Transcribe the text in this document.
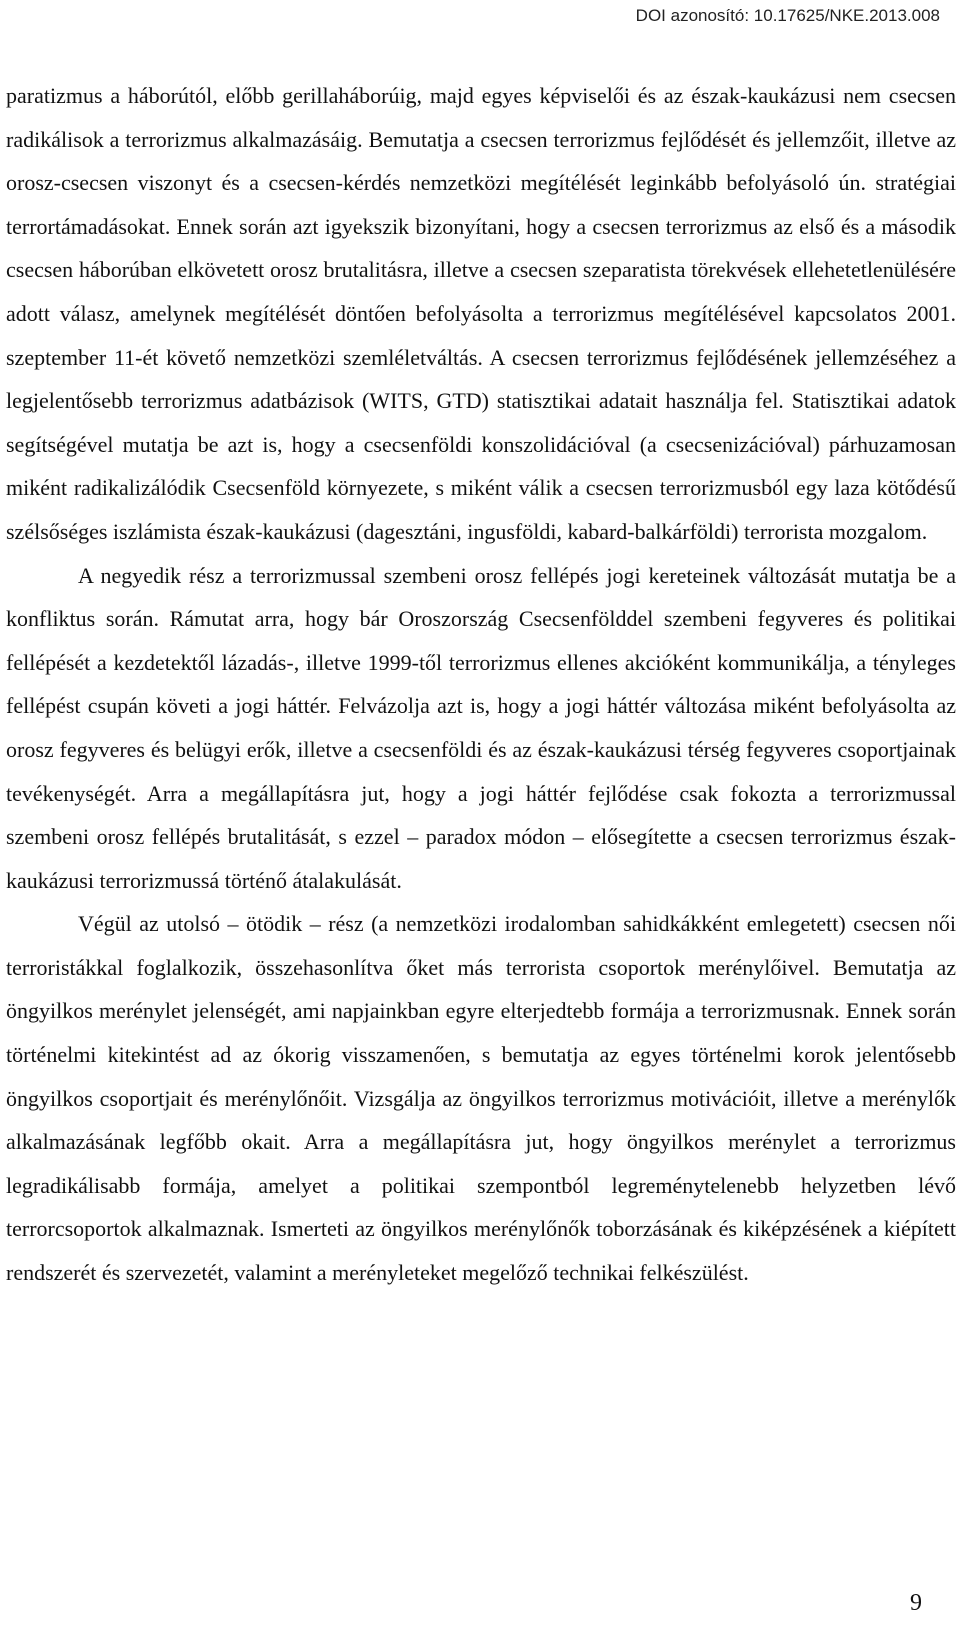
DOI azonosító: 10.17625/NKE.2013.008

paratizmus a háborútól, előbb gerillaháborúig, majd egyes képviselői és az észak-kaukázusi nem csecsen radikálisok a terrorizmus alkalmazásáig. Bemutatja a csecsen terrorizmus fejlődését és jellemzőit, illetve az orosz-csecsen viszonyt és a csecsen-kérdés nemzetközi megítélését leginkább befolyásoló ún. stratégiai terrortámadásokat. Ennek során azt igyekszik bizonyítani, hogy a csecsen terrorizmus az első és a második csecsen háborúban elkövetett orosz brutalitásra, illetve a csecsen szeparatista törekvések ellehetetlenülésére adott válasz, amelynek megítélését döntően befolyásolta a terrorizmus megítélésével kapcsolatos 2001. szeptember 11-ét követő nemzetközi szemléletváltás. A csecsen terrorizmus fejlődésének jellemzéséhez a legjelentősebb terrorizmus adatbázisok (WITS, GTD) statisztikai adatait használja fel. Statisztikai adatok segítségével mutatja be azt is, hogy a csecsenföldi konszolidációval (a csecsenizációval) párhuzamosan miként radikalizálódik Csecsenföld környezete, s miként válik a csecsen terrorizmusból egy laza kötődésű szélsőséges iszlámista észak-kaukázusi (dagesztáni, ingusföldi, kabard-balkárföldi) terrorista mozgalom.

A negyedik rész a terrorizmussal szembeni orosz fellépés jogi kereteinek változását mutatja be a konfliktus során. Rámutat arra, hogy bár Oroszország Csecsenfölddel szembeni fegyveres és politikai fellépését a kezdetektől lázadás-, illetve 1999-től terrorizmus ellenes akcióként kommunikálja, a tényleges fellépést csupán követi a jogi háttér. Felvázolja azt is, hogy a jogi háttér változása miként befolyásolta az orosz fegyveres és belügyi erők, illetve a csecsenföldi és az észak-kaukázusi térség fegyveres csoportjainak tevékenységét. Arra a megállapításra jut, hogy a jogi háttér fejlődése csak fokozta a terrorizmussal szembeni orosz fellépés brutalitását, s ezzel – paradox módon – elősegítette a csecsen terrorizmus észak-kaukázusi terrorizmussá történő átalakulását.

Végül az utolsó – ötödik – rész (a nemzetközi irodalomban sahidkákként emlegetett) csecsen női terroristákkal foglalkozik, összehasonlítva őket más terrorista csoportok merénylőivel. Bemutatja az öngyilkos merénylet jelenségét, ami napjainkban egyre elterjedtebb formája a terrorizmusnak. Ennek során történelmi kitekintést ad az ókorig visszamenően, s bemutatja az egyes történelmi korok jelentősebb öngyilkos csoportjait és merénylőnőit. Vizsgálja az öngyilkos terrorizmus motivációit, illetve a merénylők alkalmazásának legfőbb okait. Arra a megállapításra jut, hogy öngyilkos merénylet a terrorizmus legradikálisabb formája, amelyet a politikai szempontból legreménytelenebb helyzetben lévő terrorcsoportok alkalmaznak. Ismerteti az öngyilkos merénylőnők toborzásának és kiképzésének a kiépített rendszerét és szervezetét, valamint a merényleteket megelőző technikai felkészülést.

9
